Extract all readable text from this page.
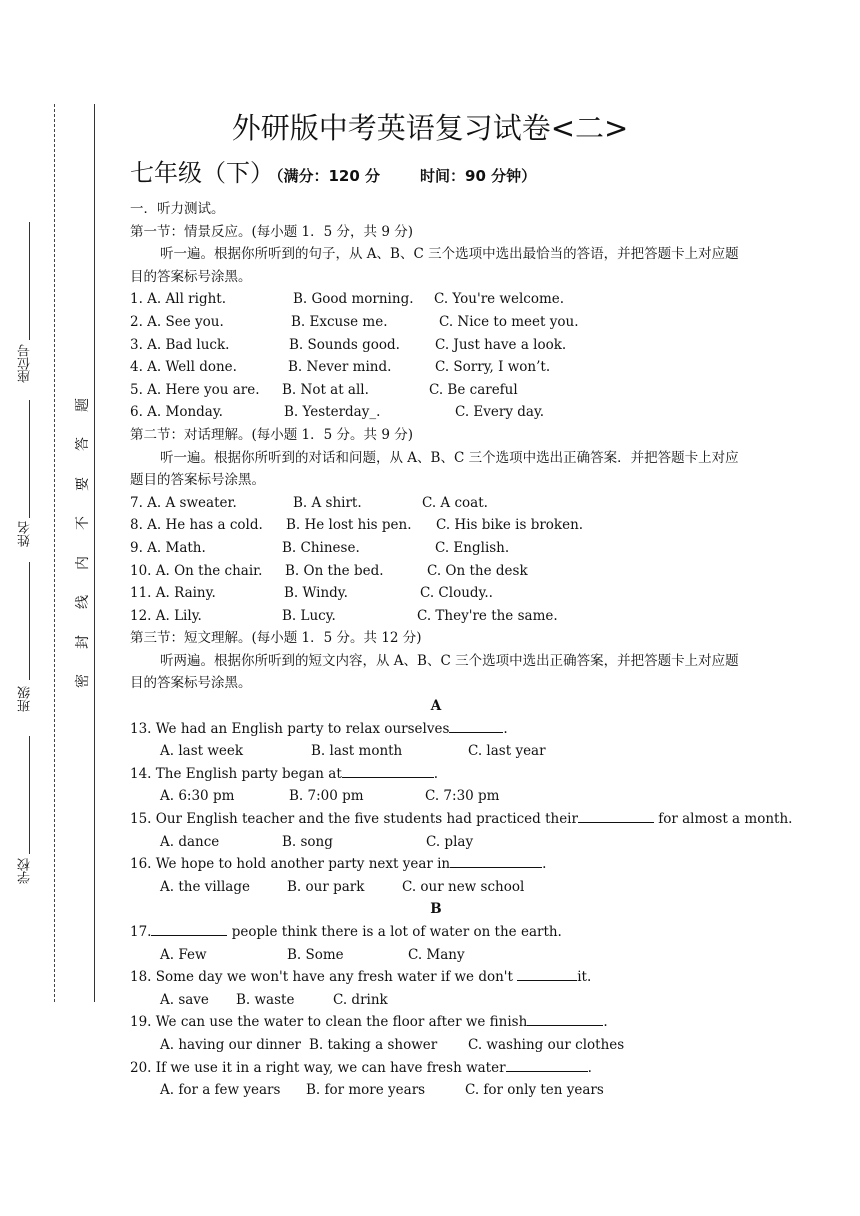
座位号
姓名
班级
学校
题
答
要
不
内
线
封
密
外研版中考英语复习试卷<二>
七年级（下） （满分：120 分	时间：90 分钟）
一．听力测试。
第一节：情景反应。(每小题 1．5 分，共 9 分)
听一遍。根据你所听到的句子，从 A、B、C 三个选项中选出最恰当的答语，并把答题卡上对应题目的答案标号涂黑。
1. A. All right.	B. Good morning. C. You're welcome.
2. A. See you.	B. Excuse me.	C. Nice to meet you.
3. A. Bad luck.	B. Sounds good.	C. Just have a look.
4. A. Well done.	B. Never mind.	C. Sorry, I won’t.
5. A. Here you are. B. Not at all.	C. Be careful
6. A. Monday.	B. Yesterday_.	C. Every day.
第二节：对话理解。(每小题 1．5 分。共 9 分)
听一遍。根据你所听到的对话和问题，从 A、B、C 三个选项中选出正确答案．并把答题卡上对应题目的答案标号涂黑。
7. A. A sweater.	B. A shirt.	C. A coat.
8. A. He has a cold. B. He lost his pen. C. His bike is broken.
9. A. Math.	B. Chinese.	C. English.
10. A. On the chair. B. On the bed.	C. On the desk
11. A. Rainy.	B. Windy.	C. Cloudy..
12. A. Lily.	B. Lucy.	C. They're the same.
第三节：短文理解。(每小题 1．5 分。共 12 分)
听两遍。根据你所听到的短文内容，从 A、B、C 三个选项中选出正确答案，并把答题卡上对应题目的答案标号涂黑。
A
13. We had an English party to relax ourselves	.
A. last week	B. last month	C. last year
14. The English party began at	.
A. 6:30 pm	B. 7:00 pm	C. 7:30 pm
15. Our English teacher and the five students had practiced their	for almost a month.
A. dance	B. song	C. play
16. We hope to hold another party next year in	.
A. the village	B. our park	C. our new school
B
17.	people think there is a lot of water on the earth.
A. Few	B. Some	C. Many
18. Some day we won't have any fresh water if we don't	it.
A. save B. waste	C. drink
19. We can use the water to clean the floor after we finish	.
A. having our dinner B. taking a shower C. washing our clothes
20. If we use it in a right way, we can have fresh water	.
A. for a few years B. for more years	C. for only ten years
